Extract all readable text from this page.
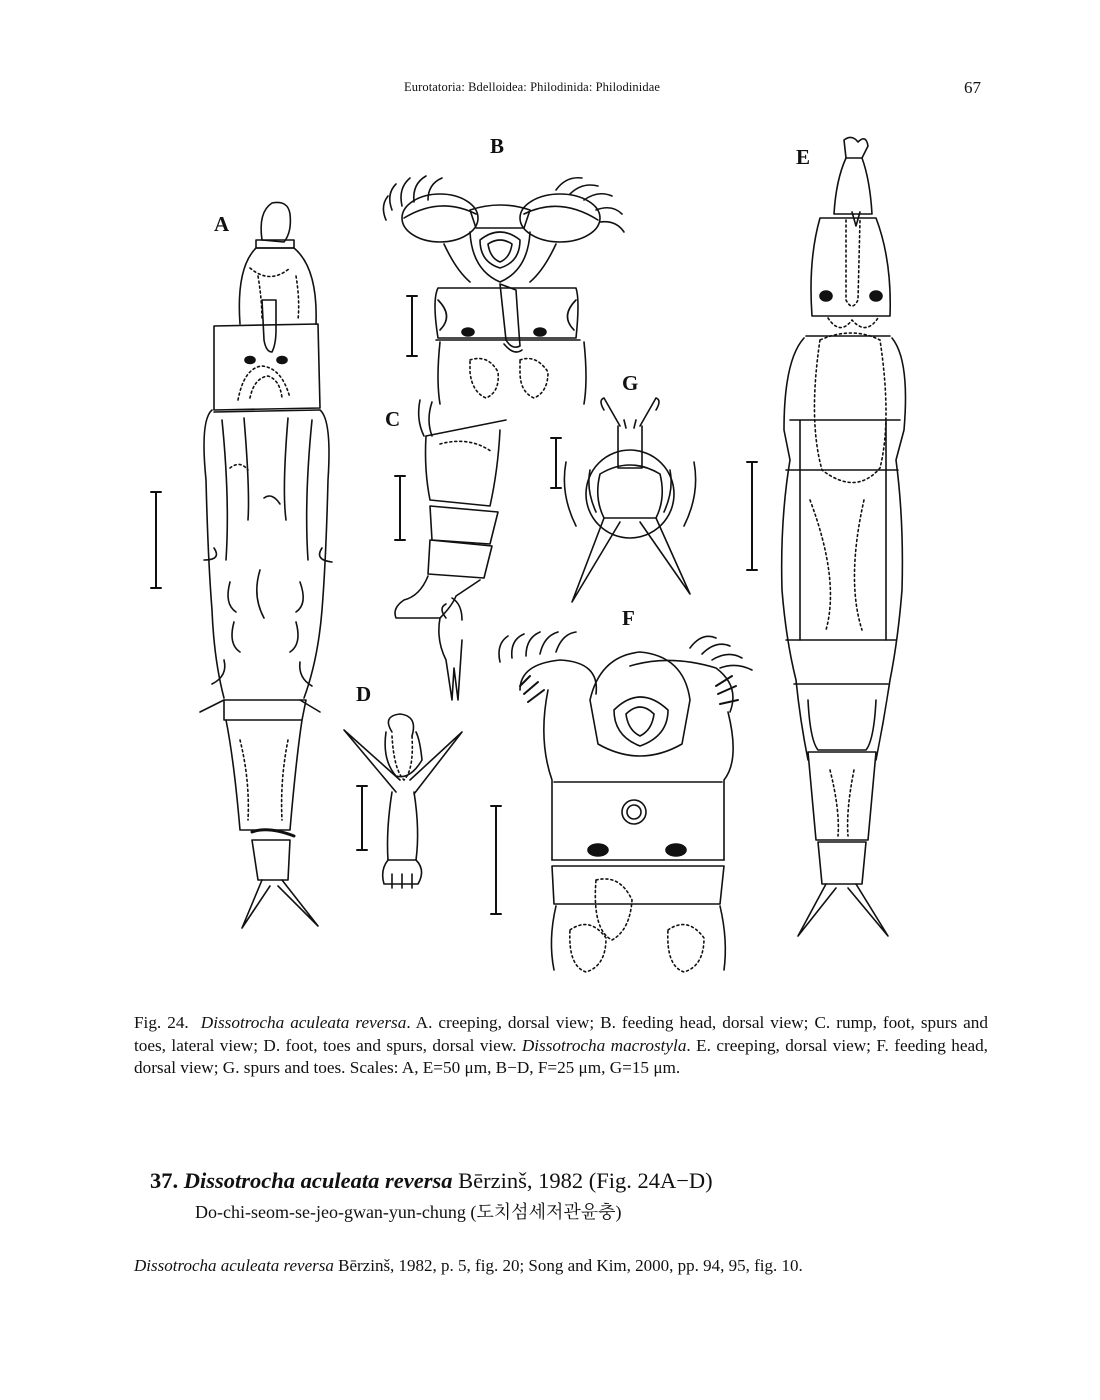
Eurotatoria: Bdelloidea: Philodinida: Philodinidae	67
A
B
C
D
E
F
G
Fig. 24. Dissotrocha aculeata reversa. A. creeping, dorsal view; B. feeding head, dorsal view; C. rump, foot, spurs and toes, lateral view; D. foot, toes and spurs, dorsal view. Dissotrocha macrostyla. E. creeping, dorsal view; F. feeding head, dorsal view; G. spurs and toes. Scales: A, E=50 μm, B−D, F=25 μm, G=15 μm.
37. Dissotrocha aculeata reversa Bērzinš, 1982 (Fig. 24A−D)
Do-chi-seom-se-jeo-gwan-yun-chung (도치섬세저관윤충)
Dissotrocha aculeata reversa Bērzinš, 1982, p. 5, fig. 20; Song and Kim, 2000, pp. 94, 95, fig. 10.
